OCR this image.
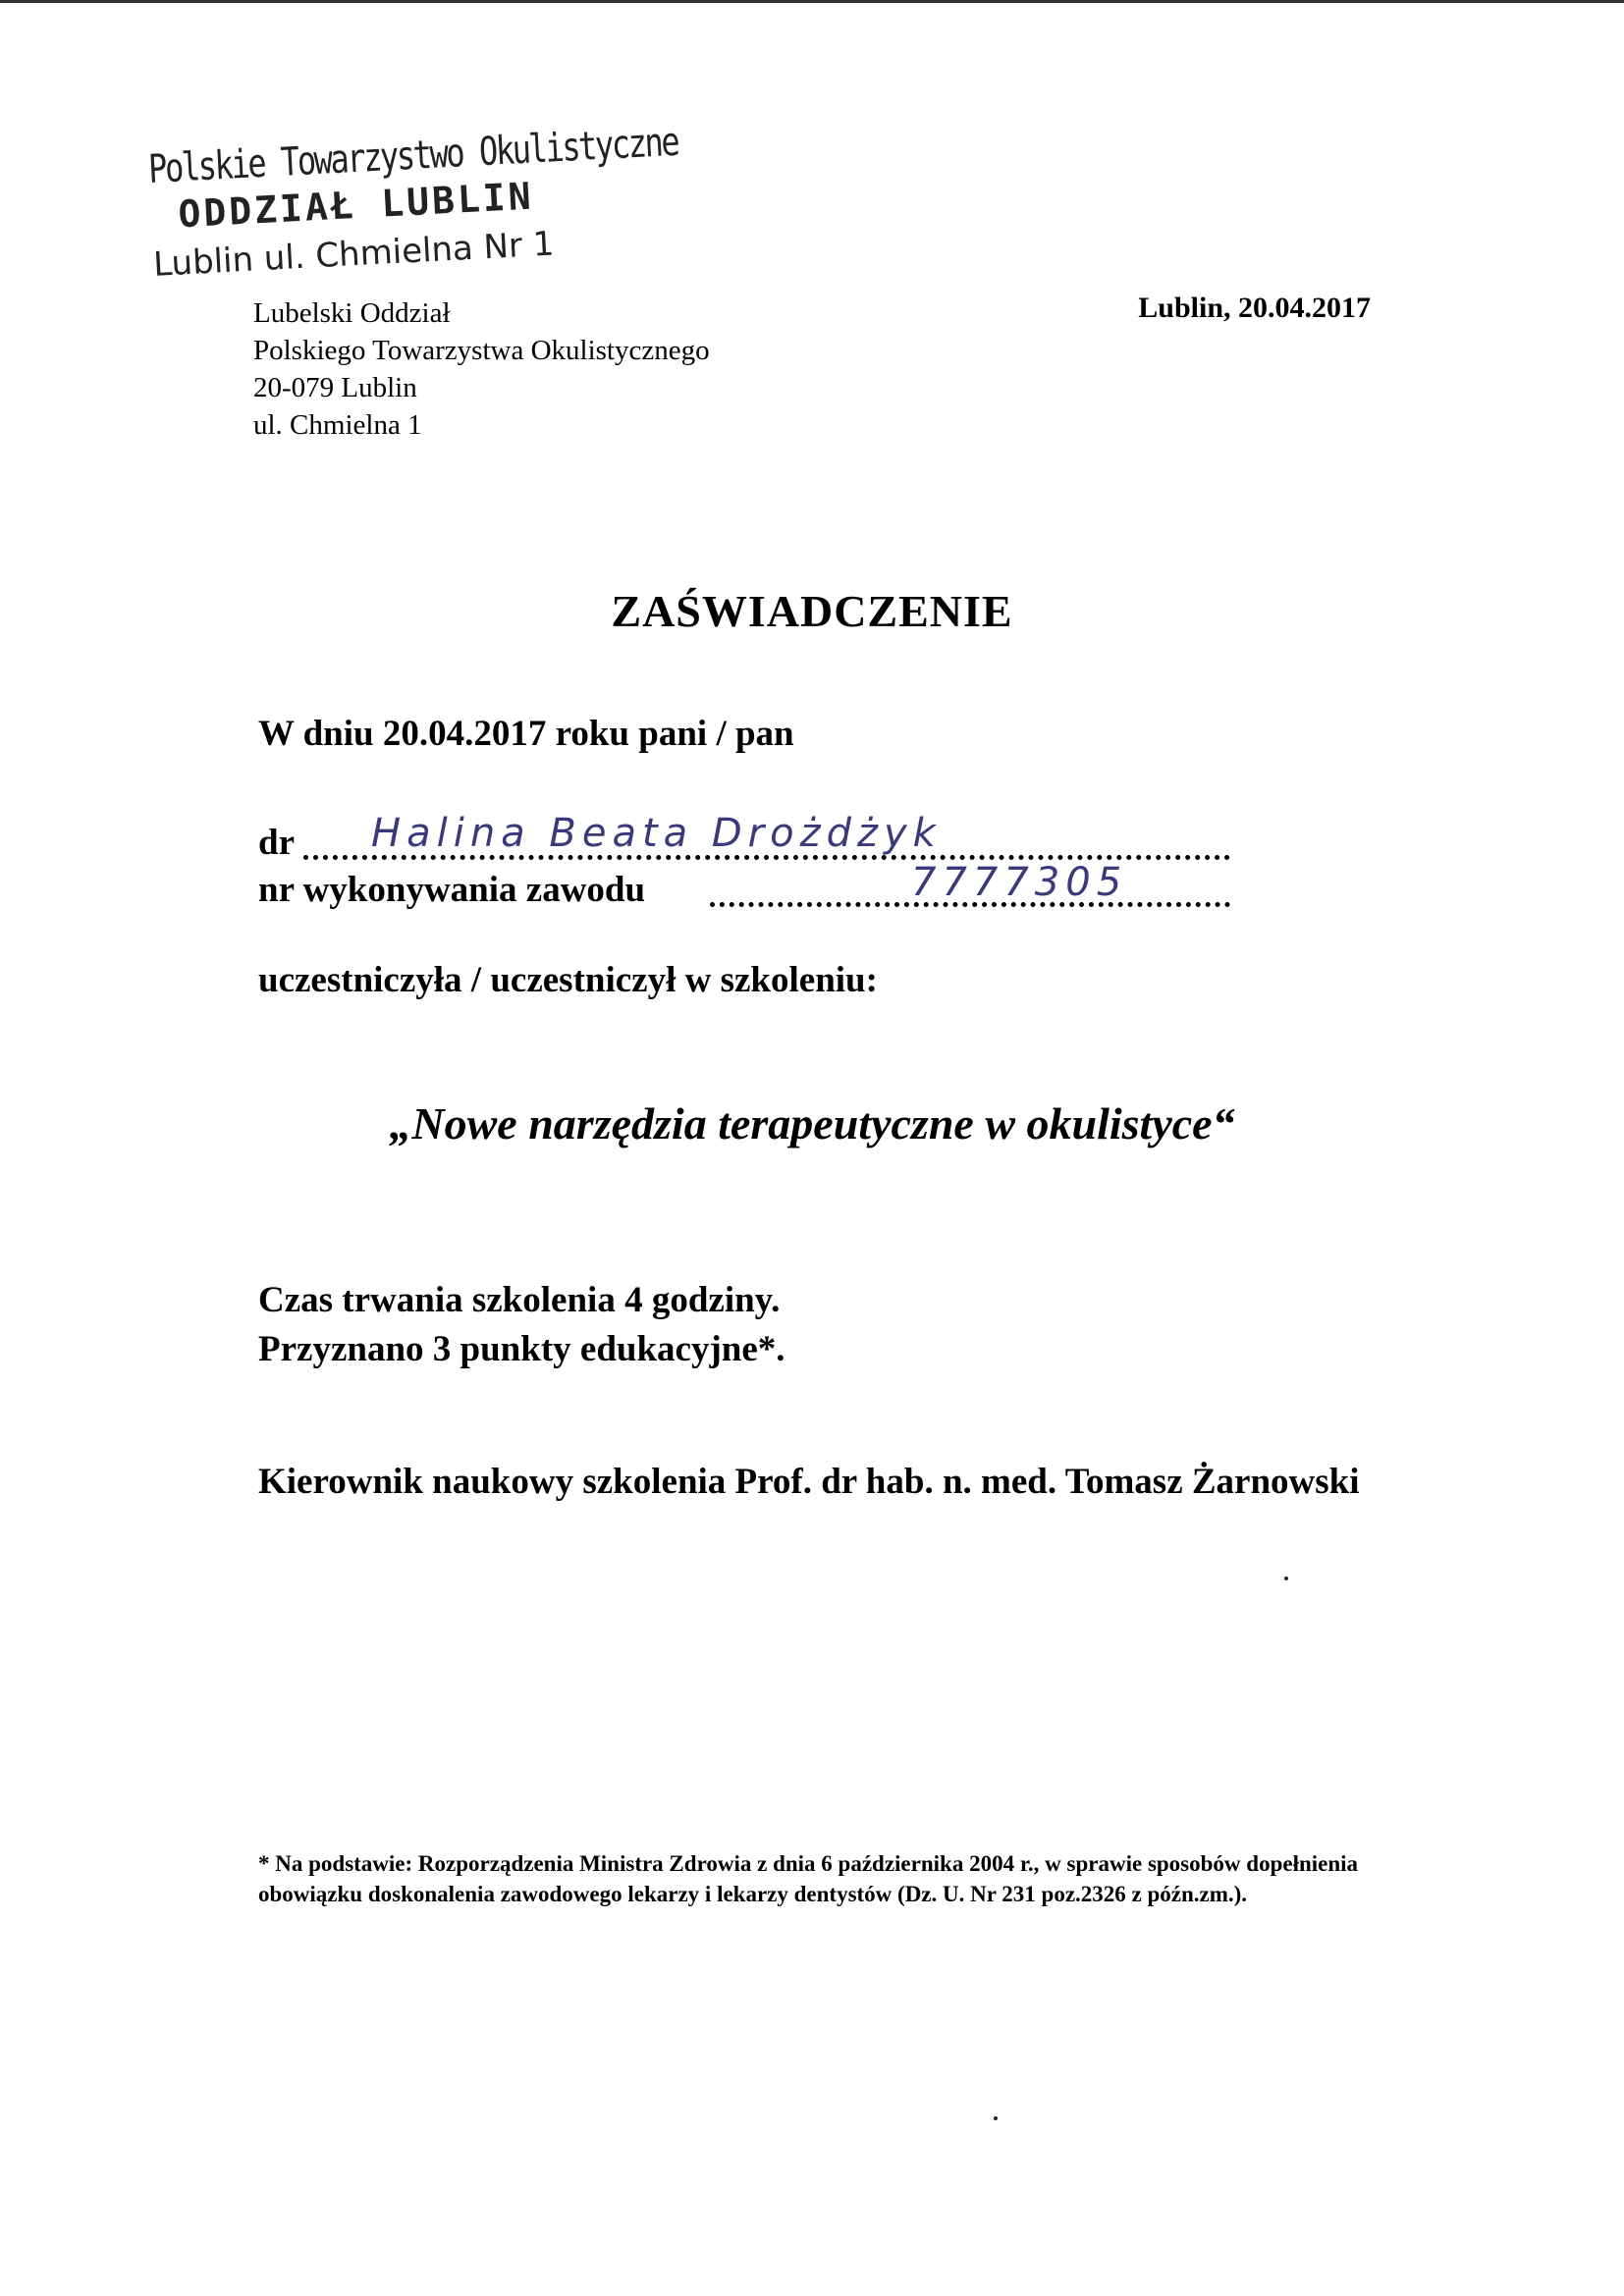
Polskie Towarzystwo Okulistyczne
ODDZIAŁ LUBLIN
Lublin ul. Chmielna Nr 1
Lubelski Oddział
Polskiego Towarzystwa Okulistycznego
20-079 Lublin
ul. Chmielna 1
Lublin, 20.04.2017
ZAŚWIADCZENIE
W dniu 20.04.2017 roku pani / pan
dr Halina Beata Drożdżyk
nr wykonywania zawodu	7777305
uczestniczyła / uczestniczył w szkoleniu:
„Nowe narzędzia terapeutyczne w okulistyce“
Czas trwania szkolenia 4 godziny.
Przyznano 3 punkty edukacyjne*.
Kierownik naukowy szkolenia Prof. dr hab. n. med. Tomasz Żarnowski
* Na podstawie: Rozporządzenia Ministra Zdrowia z dnia 6 października 2004 r., w sprawie sposobów dopełnienia obowiązku doskonalenia zawodowego lekarzy i lekarzy dentystów (Dz. U. Nr 231 poz.2326 z późn.zm.).
